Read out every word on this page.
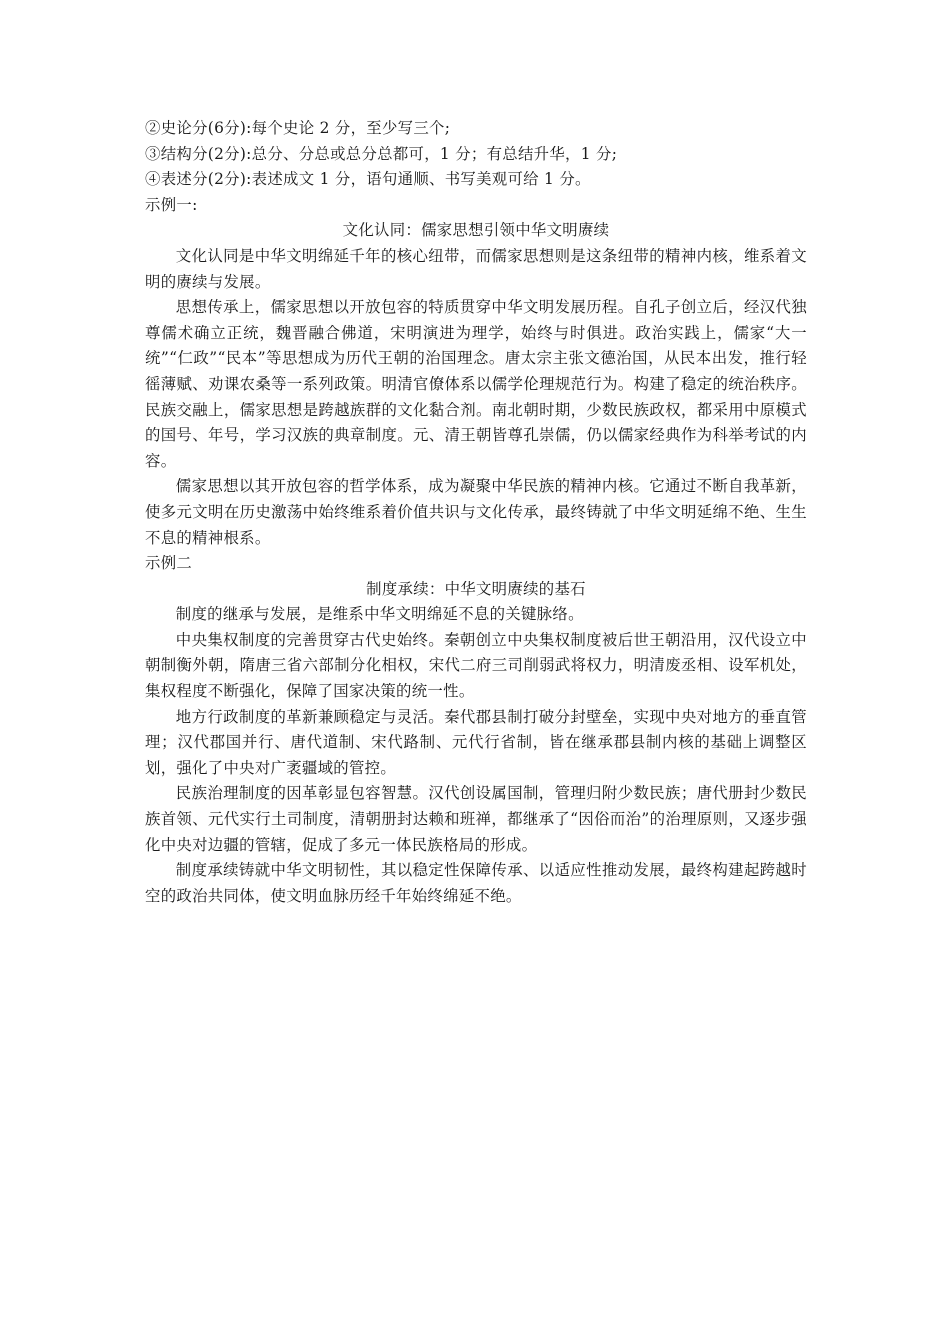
②史论分(6分):每个史论 2 分，至少写三个;

③结构分(2分):总分、分总或总分总都可，1 分；有总结升华，1 分;

④表述分(2分):表述成文 1 分，语句通顺、书写美观可给 1 分。

示例一:

文化认同：儒家思想引领中华文明赓续

文化认同是中华文明绵延千年的核心纽带，而儒家思想则是这条纽带的精神内核，维系着文明的赓续与发展。

思想传承上，儒家思想以开放包容的特质贯穿中华文明发展历程。自孔子创立后，经汉代独尊儒术确立正统，魏晋融合佛道，宋明演进为理学，始终与时俱进。政治实践上，儒家“大一统”“仁政”“民本”等思想成为历代王朝的治国理念。唐太宗主张文德治国，从民本出发，推行轻徭薄赋、劝课农桑等一系列政策。明清官僚体系以儒学伦理规范行为。构建了稳定的统治秩序。民族交融上，儒家思想是跨越族群的文化黏合剂。南北朝时期，少数民族政权，都采用中原模式的国号、年号，学习汉族的典章制度。元、清王朝皆尊孔崇儒，仍以儒家经典作为科举考试的内容。

儒家思想以其开放包容的哲学体系，成为凝聚中华民族的精神内核。它通过不断自我革新，使多元文明在历史激荡中始终维系着价值共识与文化传承，最终铸就了中华文明延绵不绝、生生不息的精神根系。

示例二

制度承续：中华文明赓续的基石

制度的继承与发展，是维系中华文明绵延不息的关键脉络。

中央集权制度的完善贯穿古代史始终。秦朝创立中央集权制度被后世王朝沿用，汉代设立中朝制衡外朝，隋唐三省六部制分化相权，宋代二府三司削弱武将权力，明清废丞相、设军机处，集权程度不断强化，保障了国家决策的统一性。

地方行政制度的革新兼顾稳定与灵活。秦代郡县制打破分封壁垒，实现中央对地方的垂直管理；汉代郡国并行、唐代道制、宋代路制、元代行省制，皆在继承郡县制内核的基础上调整区划，强化了中央对广袤疆域的管控。

民族治理制度的因革彰显包容智慧。汉代创设属国制，管理归附少数民族；唐代册封少数民族首领、元代实行土司制度，清朝册封达赖和班禅，都继承了“因俗而治”的治理原则，又逐步强化中央对边疆的管辖，促成了多元一体民族格局的形成。

制度承续铸就中华文明韧性，其以稳定性保障传承、以适应性推动发展，最终构建起跨越时空的政治共同体，使文明血脉历经千年始终绵延不绝。
